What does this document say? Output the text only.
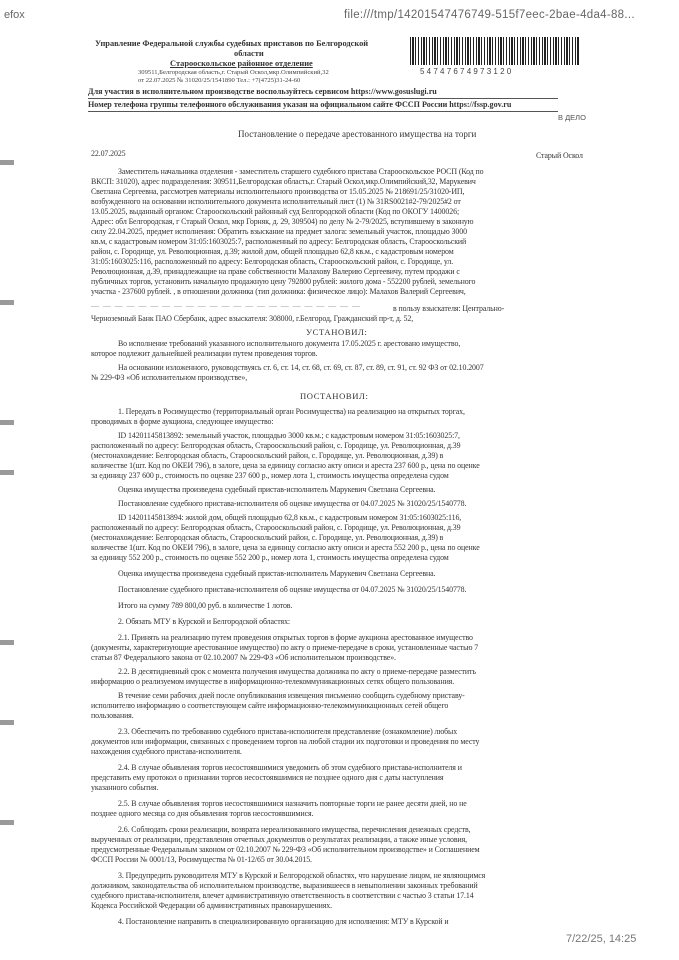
efox	file:///tmp/14201547476749-515f7eec-2bae-4da4-88...
Управление Федеральной службы судебных приставов по Белгородской
области
Старооскольское районное отделение
309511,Белгородская область,г. Старый Оскол,мкр.Олимпийский,32
от 22.07.2025 № 31020/25/1541890 Тел.: +7(4725)31-24-60
5 4 7 4 7 6 7 4 9 7 3 1 2 0
Для участия в исполнительном производстве воспользуйтесь сервисом https://www.gosuslugi.ru
Номер телефона группы телефонного обслуживания указан на официальном сайте ФССП России https://fssp.gov.ru
В ДЕЛО
Постановление о передаче арестованного имущества на торги
22.07.2025	Старый Оскол
Заместитель начальника отделения - заместитель старшего судебного пристава Старооскольское РОСП (Код по
ВКСП: 31020), адрес подразделения: 309511,Белгородская область,г. Старый Оскол,мкр.Олимпийский,32, Марукевич
Светлана Сергеевна, рассмотрев материалы исполнительного производства от 15.05.2025 № 218691/25/31020-ИП,
возбужденного на основании исполнительного документа исполнительный лист (1) № 31RS0021#2-79/2025#2 от
13.05.2025, выданный органом: Старооскольский районный суд Белгородской области (Код по ОКОГУ 1400026;
Адрес: обл Белгородская, г Старый Оскол, мкр Горняк, д. 29, 309504) по делу № 2-79/2025, вступившему в законную
силу 22.04.2025, предмет исполнения: Обратить взыскание на предмет залога: земельный участок, площадью 3000
кв.м, с кадастровым номером 31:05:1603025:7, расположенный по адресу: Белгородская область, Старооскольский
район, с. Городище, ул. Революционная, д.39; жилой дом, общей площадью 62,8 кв.м., с кадастровым номером
31:05:1603025:116, расположенный по адресу: Белгородская область, Старооскольский район, с. Городище, ул.
Революционная, д.39, принадлежащие на праве собственности Малахову Валерию Сергеевичу, путем продажи с
публичных торгов, установить начальную продажную цену 792800 рублей: жилого дома - 552200 рублей, земельного
участка - 237600 рублей. , в отношении должника (тип должника: физическое лицо): Малахов Валерий Сергеевич,
— — — — — — — — — — — — — — — — — — — — — — —	в пользу взыскателя: Центрально-
Черноземный Банк ПАО Сбербанк, адрес взыскателя: 308000, г.Белгород, Гражданский пр-т, д. 52,
УСТАНОВИЛ:
Во исполнение требований указанного исполнительного документа 17.05.2025 г. арестовано имущество,
которое подлежит дальнейшей реализации путем проведения торгов.
На основании изложенного, руководствуясь ст. 6, ст. 14, ст. 68, ст. 69, ст. 87, ст. 89, ст. 91, ст. 92 ФЗ от 02.10.2007
№ 229-ФЗ «Об исполнительном производстве»,
ПОСТАНОВИЛ:
1. Передать в Росимущество (территориальный орган Росимущества) на реализацию на открытых торгах,
проводимых в форме аукциона, следующее имущество:
ID 14201145813892: земельный участок, площадью 3000 кв.м.; с кадастровым номером 31:05:1603025:7,
расположенный по адресу: Белгородская область, Старооскольский район, с. Городище, ул. Революционная, д.39
(местонахождение: Белгородская область, Старооскольский район, с. Городище, ул. Революционная, д.39) в
количестве 1(шт. Код по ОКЕИ 796), в залоге, цена за единицу согласно акту описи и ареста 237 600 р., цена по оценке
за единицу 237 600 р., стоимость по оценке 237 600 р., номер лота 1, стоимость имущества определена судом
Оценка имущества произведена судебный пристав-исполнитель Марукевич Светлана Сергеевна.
Постановление судебного пристава-исполнителя об оценке имущества от 04.07.2025 № 31020/25/1540778.
ID 14201145813894: жилой дом, общей площадью 62,8 кв.м., с кадастровым номером 31:05:1603025:116,
расположенный по адресу: Белгородская область, Старооскольский район, с. Городище, ул. Революционная, д.39
(местонахождение: Белгородская область, Старооскольский район, с. Городище, ул. Революционная, д.39) в
количестве 1(шт. Код по ОКЕИ 796), в залоге, цена за единицу согласно акту описи и ареста 552 200 р., цена по оценке
за единицу 552 200 р., стоимость по оценке 552 200 р., номер лота 1, стоимость имущества определена судом
Оценка имущества произведена судебный пристав-исполнитель Марукевич Светлана Сергеевна.
Постановление судебного пристава-исполнителя об оценке имущества от 04.07.2025 № 31020/25/1540778.
Итого на сумму 789 800,00 руб. в количестве 1 лотов.
2. Обязать МТУ в Курской и Белгородской областях:
2.1. Принять на реализацию путем проведения открытых торгов в форме аукциона арестованное имущество
(документы, характеризующие арестованное имущество) по акту о приеме-передаче в сроки, установленные частью 7
статьи 87 Федерального закона от 02.10.2007 № 229-ФЗ «Об исполнительном производстве».
2.2. В десятидневный срок с момента получения имущества должника по акту о приеме-передаче разместить
информацию о реализуемом имуществе в информационно-телекоммуникационных сетях общего пользования.
В течение семи рабочих дней после опубликования извещения письменно сообщить судебному приставу-
исполнителю информацию о соответствующем сайте информационно-телекоммуникационных сетей общего
пользования.
2.3. Обеспечить по требованию судебного пристава-исполнителя представление (ознакомление) любых
документов или информации, связанных с проведением торгов на любой стадии их подготовки и проведения по месту
нахождения судебного пристава-исполнителя.
2.4. В случае объявления торгов несостоявшимися уведомить об этом судебного пристава-исполнителя и
представить ему протокол о признании торгов несостоявшимися не позднее одного дня с даты наступления
указанного события.
2.5. В случае объявления торгов несостоявшимися назначить повторные торги не ранее десяти дней, но не
позднее одного месяца со дня объявления торгов несостоявшимися.
2.6. Соблюдать сроки реализации, возврата нереализованного имущества, перечисления денежных средств,
вырученных от реализации, представления отчетных документов о результатах реализации, а также иные условия,
предусмотренные Федеральным законом от 02.10.2007 № 229-ФЗ «Об исполнительном производстве» и Соглашением
ФССП России № 0001/13, Росимущества № 01-12/65 от 30.04.2015.
3. Предупредить руководителя МТУ в Курской и Белгородской областях, что нарушение лицом, не являющимся
должником, законодательства об исполнительном производстве, выразившееся в невыполнении законных требований
судебного пристава-исполнителя, влечет административную ответственность в соответствии с частью 3 статьи 17.14
Кодекса Российской Федерации об административных правонарушениях.
4. Постановление направить в специализированную организацию для исполнения: МТУ в Курской и
7/22/25, 14:25
